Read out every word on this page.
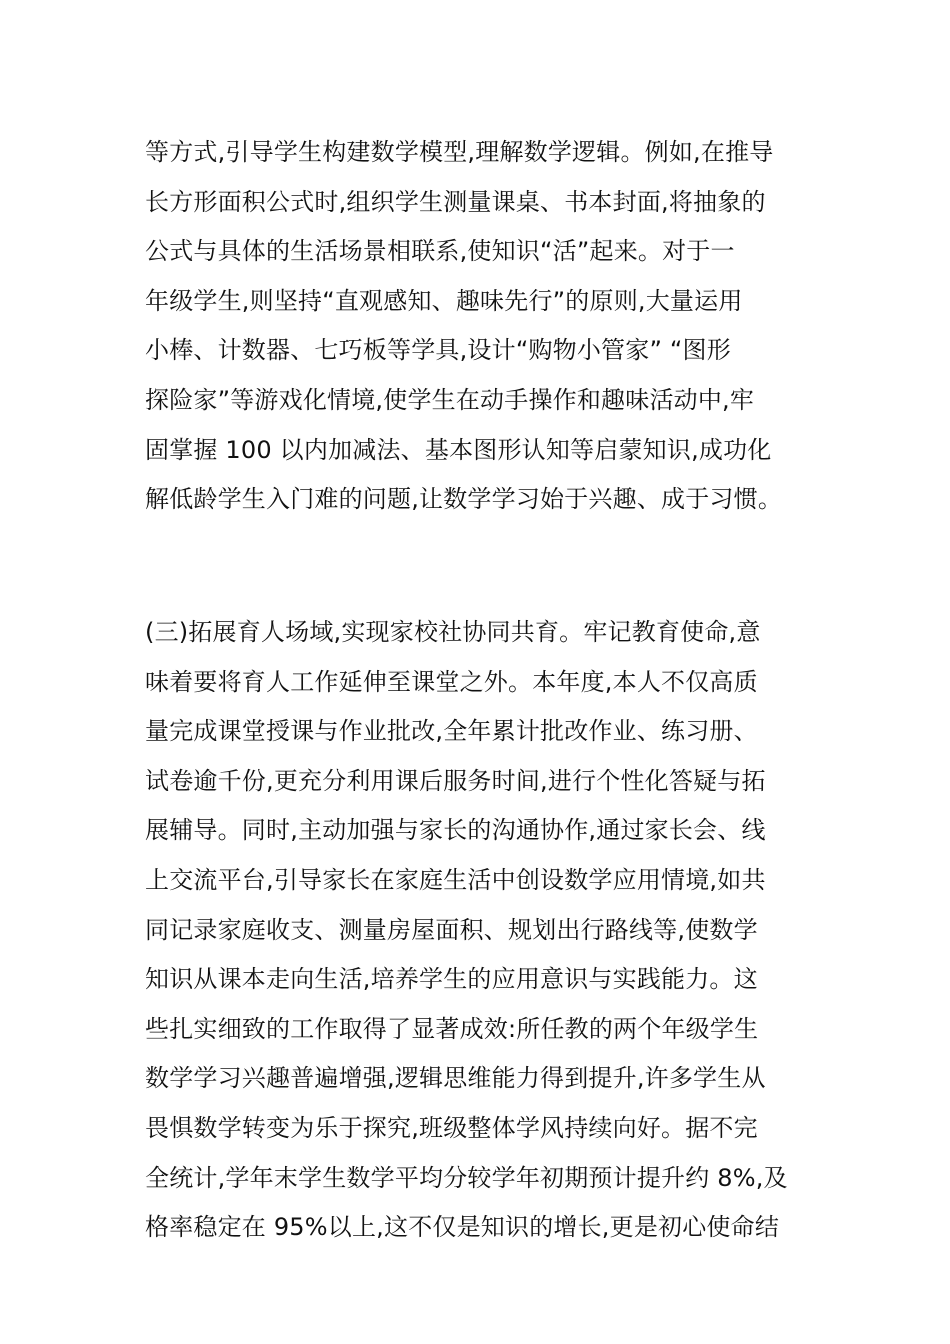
等方式,引导学生构建数学模型,理解数学逻辑。例如,在推导
长方形面积公式时,组织学生测量课桌、书本封面,将抽象的
公式与具体的生活场景相联系,使知识“活”起来。对于一
年级学生,则坚持“直观感知、趣味先行”的原则,大量运用
小棒、计数器、七巧板等学具,设计“购物小管家” “图形
探险家”等游戏化情境,使学生在动手操作和趣味活动中,牢
固掌握 100 以内加减法、基本图形认知等启蒙知识,成功化
解低龄学生入门难的问题,让数学学习始于兴趣、成于习惯。
(三)拓展育人场域,实现家校社协同共育。牢记教育使命,意
味着要将育人工作延伸至课堂之外。本年度,本人不仅高质
量完成课堂授课与作业批改,全年累计批改作业、练习册、
试卷逾千份,更充分利用课后服务时间,进行个性化答疑与拓
展辅导。同时,主动加强与家长的沟通协作,通过家长会、线
上交流平台,引导家长在家庭生活中创设数学应用情境,如共
同记录家庭收支、测量房屋面积、规划出行路线等,使数学
知识从课本走向生活,培养学生的应用意识与实践能力。这
些扎实细致的工作取得了显著成效:所任教的两个年级学生
数学学习兴趣普遍增强,逻辑思维能力得到提升,许多学生从
畏惧数学转变为乐于探究,班级整体学风持续向好。据不完
全统计,学年末学生数学平均分较学年初期预计提升约 8%,及
格率稳定在 95%以上,这不仅是知识的增长,更是初心使命结
